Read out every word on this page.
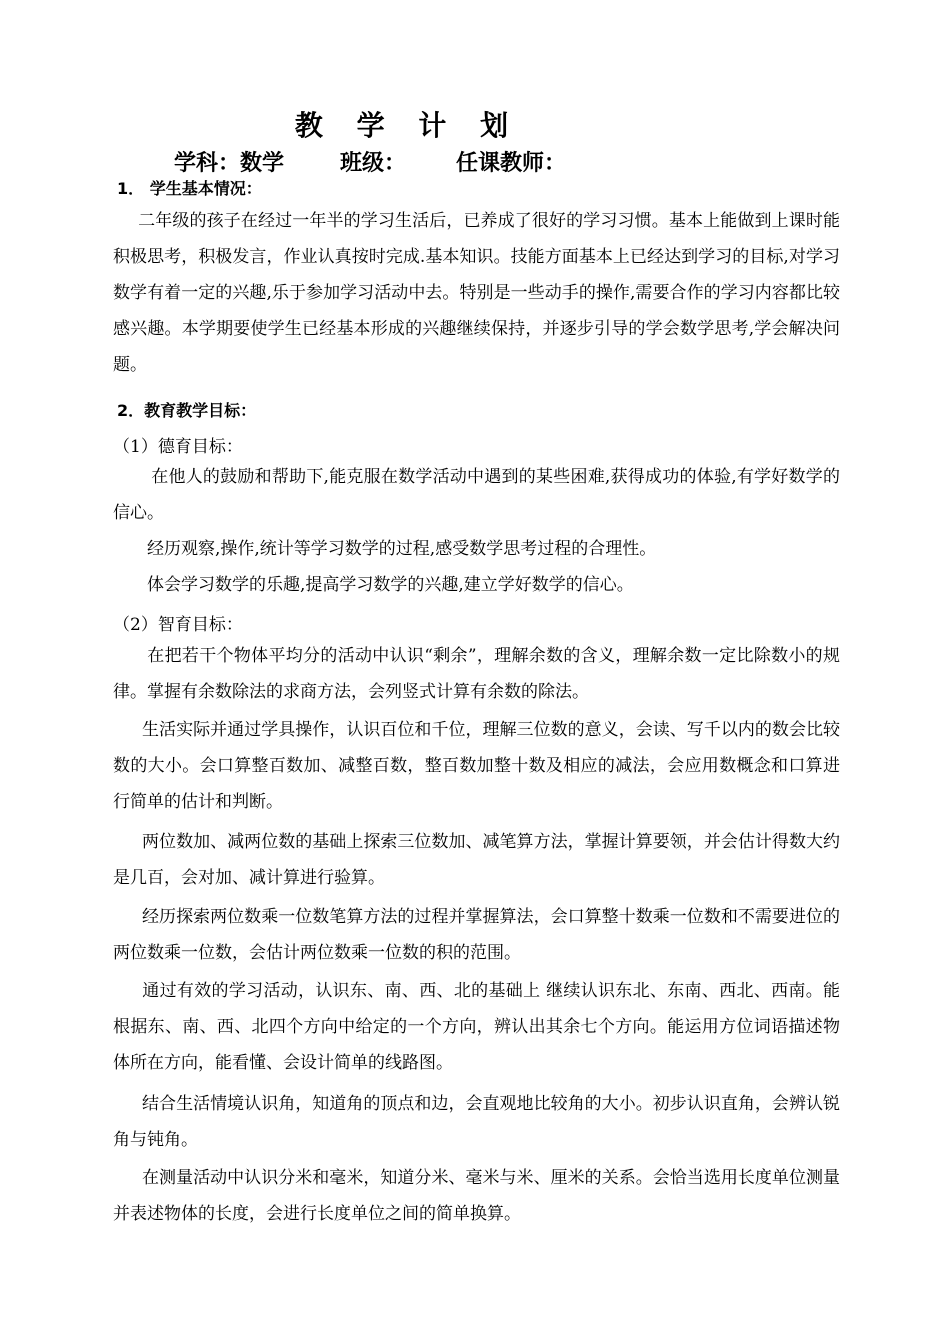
教 学 计 划
学科：数学	班级： 任课教师：
1． 学生基本情况：

二年级的孩子在经过一年半的学习生活后，已养成了很好的学习习惯。基本上能做到上课时能积极思考，积极发言，作业认真按时完成.基本知识。技能方面基本上已经达到学习的目标,对学习数学有着一定的兴趣,乐于参加学习活动中去。特别是一些动手的操作,需要合作的学习内容都比较感兴趣。本学期要使学生已经基本形成的兴趣继续保持，并逐步引导的学会数学思考,学会解决问题。

2．教育教学目标：
（1）德育目标：

在他人的鼓励和帮助下,能克服在数学活动中遇到的某些困难,获得成功的体验,有学好数学的信心。

经历观察,操作,统计等学习数学的过程,感受数学思考过程的合理性。

体会学习数学的乐趣,提高学习数学的兴趣,建立学好数学的信心。

（2）智育目标：

在把若干个物体平均分的活动中认识“剩余”，理解余数的含义，理解余数一定比除数小的规律。掌握有余数除法的求商方法，会列竖式计算有余数的除法。

生活实际并通过学具操作，认识百位和千位，理解三位数的意义，会读、写千以内的数会比较数的大小。会口算整百数加、减整百数，整百数加整十数及相应的减法，会应用数概念和口算进行简单的估计和判断。

两位数加、减两位数的基础上探索三位数加、减笔算方法，掌握计算要领，并会估计得数大约是几百，会对加、减计算进行验算。

经历探索两位数乘一位数笔算方法的过程并掌握算法，会口算整十数乘一位数和不需要进位的两位数乘一位数，会估计两位数乘一位数的积的范围。

通过有效的学习活动，认识东、南、西、北的基础上 继续认识东北、东南、西北、西南。能根据东、南、西、北四个方向中给定的一个方向，辨认出其余七个方向。能运用方位词语描述物体所在方向，能看懂、会设计简单的线路图。

结合生活情境认识角，知道角的顶点和边，会直观地比较角的大小。初步认识直角，会辨认锐角与钝角。

在测量活动中认识分米和毫米，知道分米、毫米与米、厘米的关系。会恰当选用长度单位测量并表述物体的长度，会进行长度单位之间的简单换算。
